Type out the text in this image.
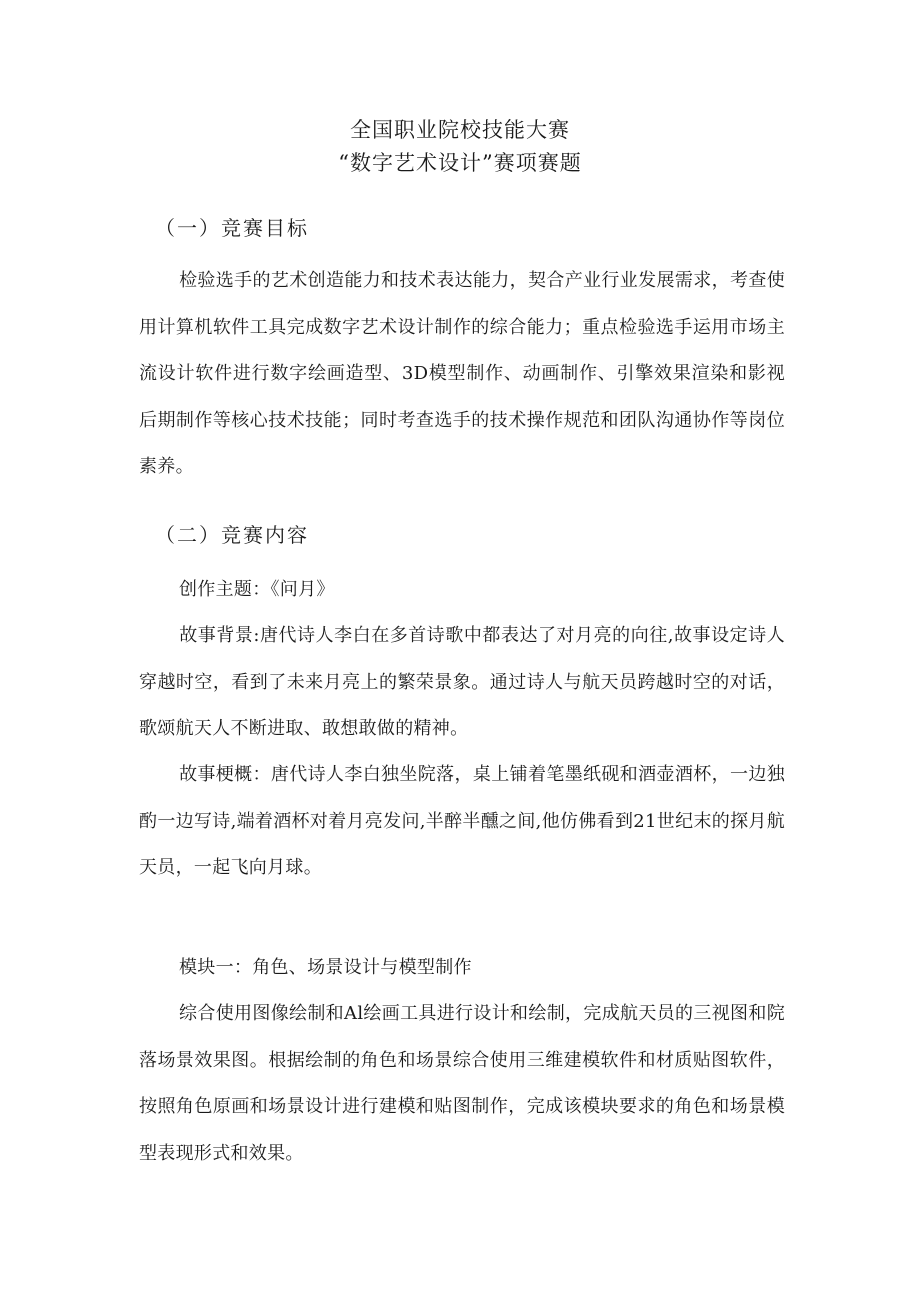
全国职业院校技能大赛
“数字艺术设计”赛项赛题
（一）竞赛目标

检验选手的艺术创造能力和技术表达能力，契合产业行业发展需求，考查使用计算机软件工具完成数字艺术设计制作的综合能力；重点检验选手运用市场主流设计软件进行数字绘画造型、3D模型制作、动画制作、引擎效果渲染和影视后期制作等核心技术技能；同时考查选手的技术操作规范和团队沟通协作等岗位素养。

（二）竞赛内容

创作主题：《问月》

故事背景:唐代诗人李白在多首诗歌中都表达了对月亮的向往,故事设定诗人穿越时空，看到了未来月亮上的繁荣景象。通过诗人与航天员跨越时空的对话，歌颂航天人不断进取、敢想敢做的精神。

故事梗概：唐代诗人李白独坐院落，桌上铺着笔墨纸砚和酒壶酒杯，一边独酌一边写诗,端着酒杯对着月亮发问,半醉半醺之间,他仿佛看到21世纪末的探月航天员，一起飞向月球。

模块一：角色、场景设计与模型制作

综合使用图像绘制和Al绘画工具进行设计和绘制，完成航天员的三视图和院落场景效果图。根据绘制的角色和场景综合使用三维建模软件和材质贴图软件，按照角色原画和场景设计进行建模和贴图制作，完成该模块要求的角色和场景模型表现形式和效果。
